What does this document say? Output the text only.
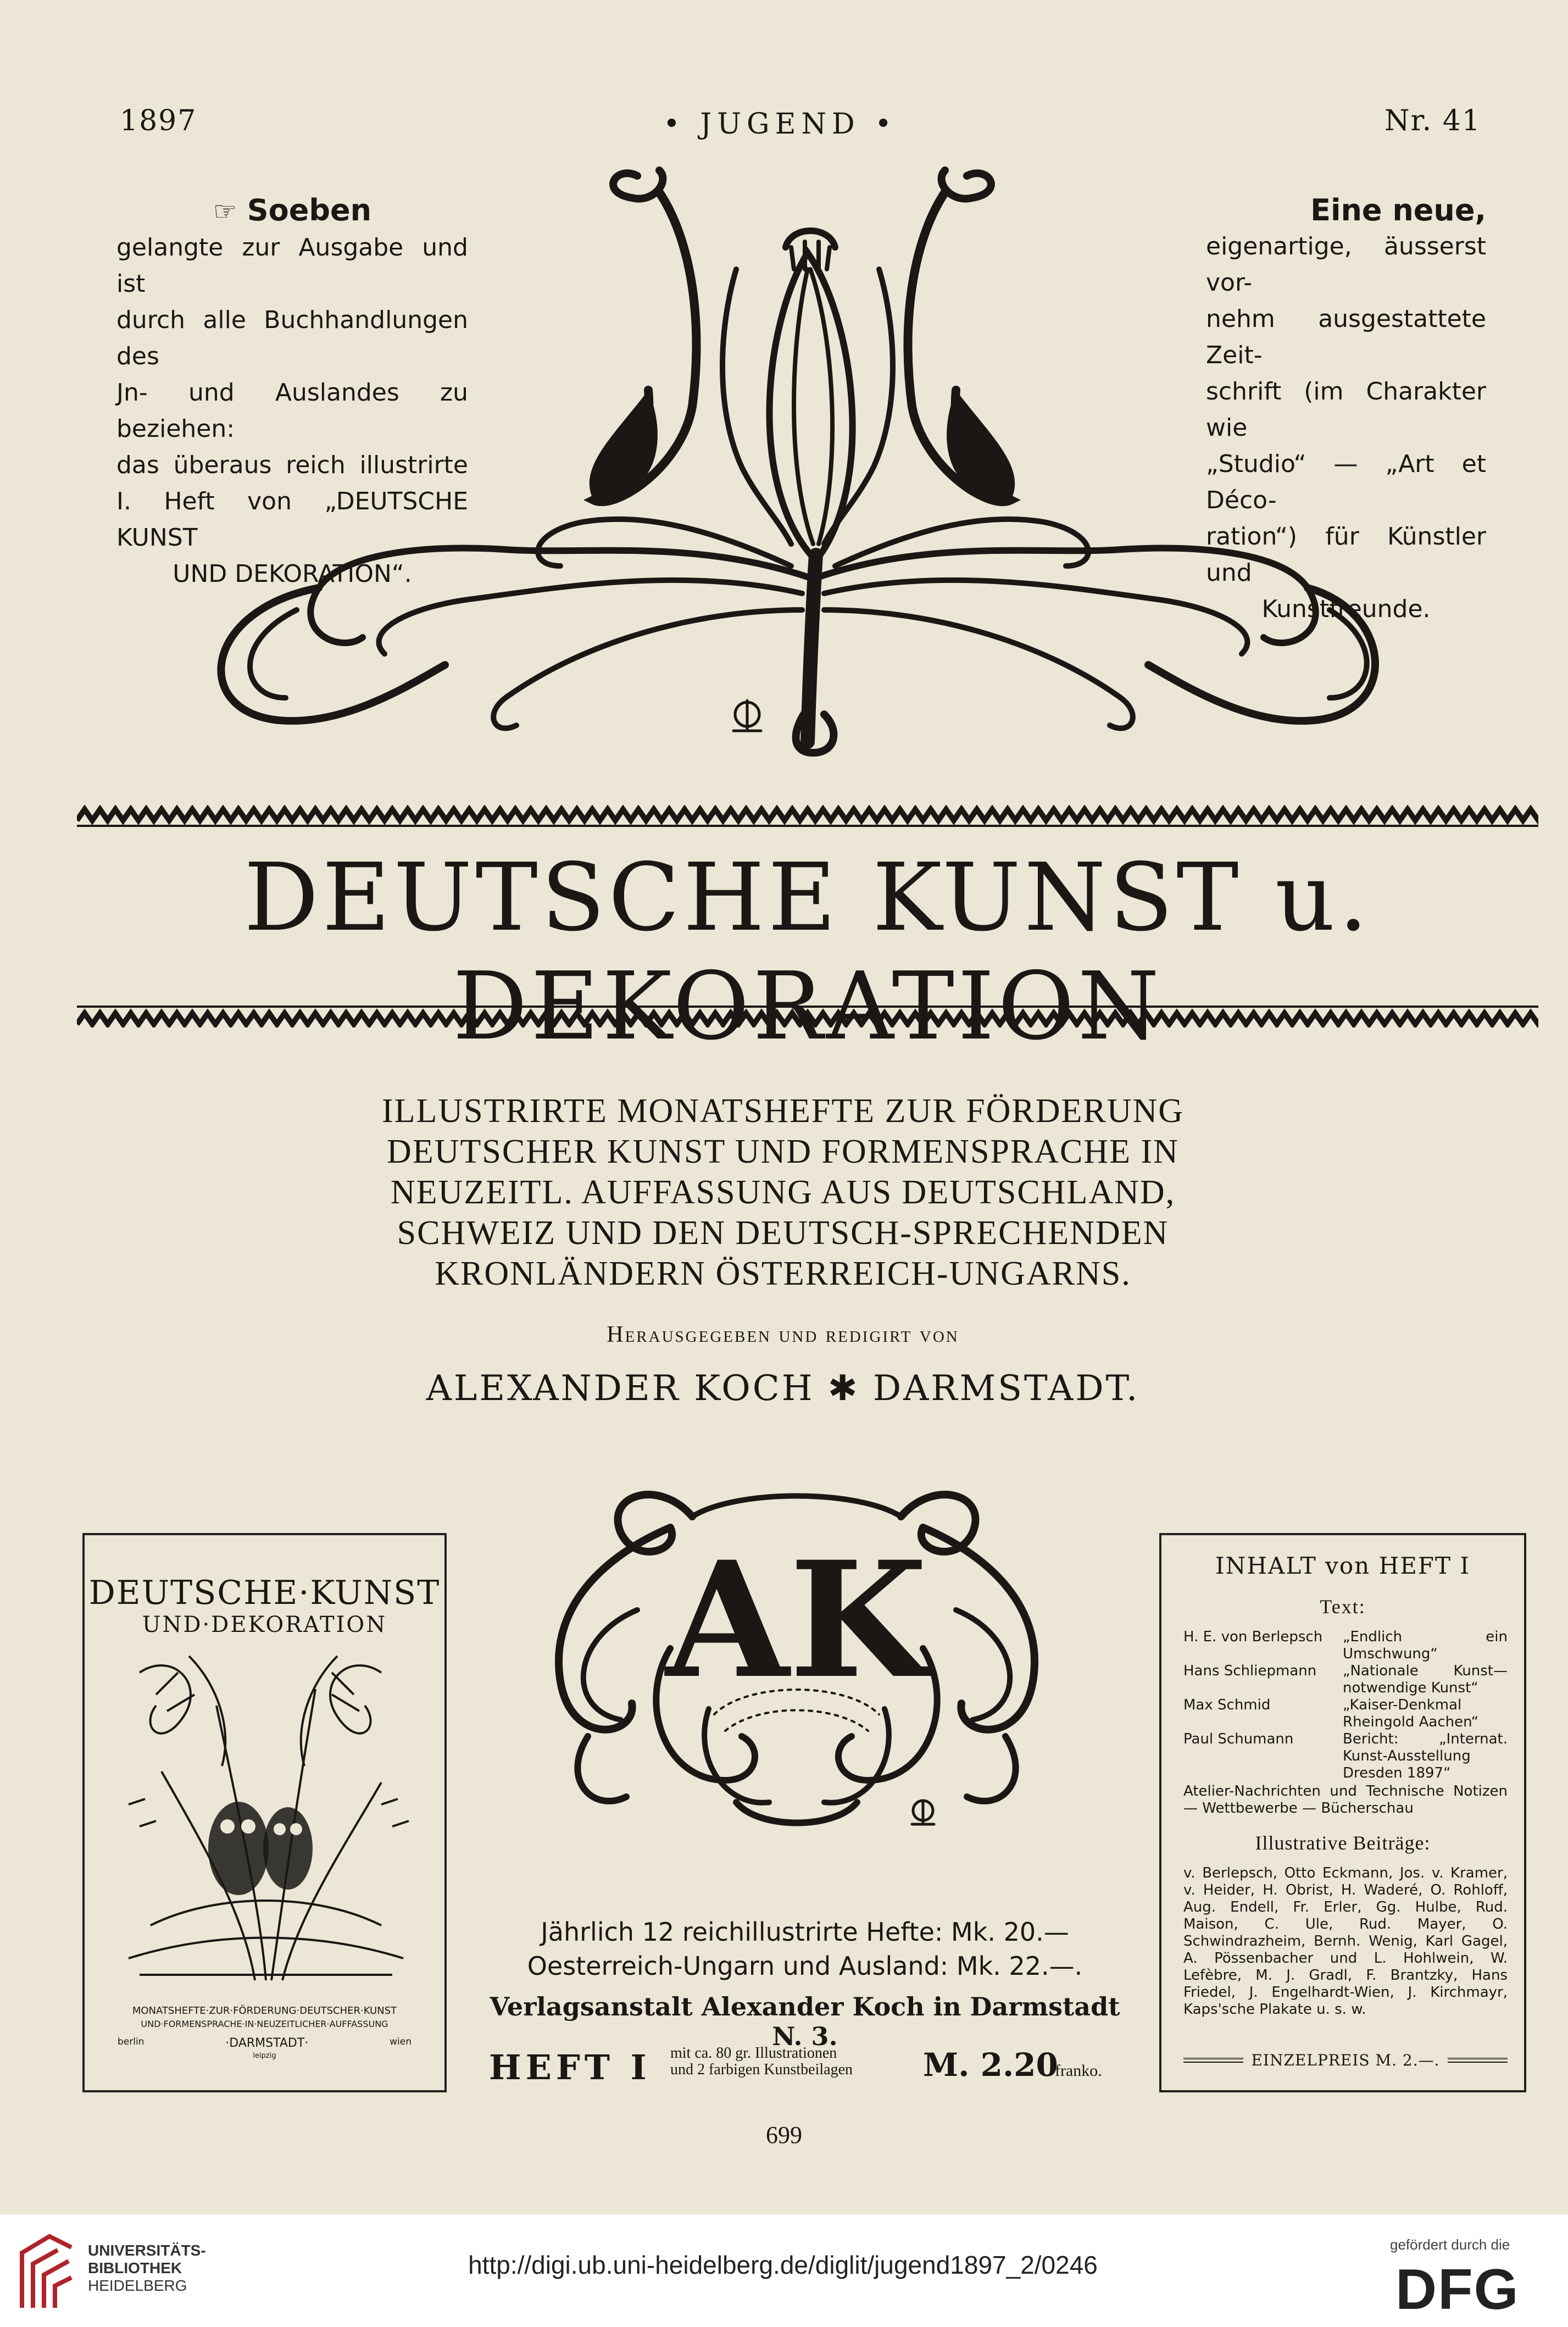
1897	• JUGEND •	Nr. 41
☞ Soeben
gelangte zur Ausgabe und ist
durch alle Buchhandlungen des
Jn- und Auslandes zu beziehen:
das überaus reich illustrirte
I. Heft von „DEUTSCHE KUNST
UND DEKORATION“.
Eine neue,
eigenartige, äusserst vor-
nehm ausgestattete Zeit-
schrift (im Charakter wie
„Studio“ — „Art et Déco-
ration“) für Künstler und
Kunstfreunde.
DEUTSCHE KUNST u. DEKORATION
ILLUSTRIRTE MONATSHEFTE ZUR FÖRDERUNG
DEUTSCHER KUNST UND FORMENSPRACHE IN
NEUZEITL. AUFFASSUNG AUS DEUTSCHLAND,
SCHWEIZ UND DEN DEUTSCH-SPRECHENDEN
KRONLÄNDERN ÖSTERREICH-UNGARNS.
Herausgegeben und redigirt von
ALEXANDER KOCH ✱ DARMSTADT.
DEUTSCHE·KUNST
UND·DEKORATION
MONATSHEFTE·ZUR·FÖRDERUNG·DEUTSCHER·KUNST
UND·FORMENSPRACHE·IN·NEUZEITLICHER·AUFFASSUNG
berlin	·DARMSTADT·	wien
leipzig
AK
Jährlich 12 reichillustrirte Hefte: Mk. 20.—
Oesterreich-Ungarn und Ausland: Mk. 22.—.
Verlagsanstalt Alexander Koch in Darmstadt N. 3.
HEFT I mit ca. 80 gr. Illustrationen
und 2 farbigen Kunstbeilagen M. 2.20
franko.
INHALT von HEFT I
Text:
H. E. von Berlepsch	„Endlich ein Umschwung“
Hans Schliepmann	„Nationale Kunst— notwendige Kunst“
Max Schmid	„Kaiser-Denkmal Rheingold Aachen“
Paul Schumann	Bericht: „Internat. Kunst-Ausstellung Dresden 1897“
Atelier-Nachrichten und Technische Notizen — Wettbewerbe — Bücherschau
Illustrative Beiträge:
v. Berlepsch, Otto Eckmann, Jos. v. Kramer, v. Heider, H. Obrist, H. Waderé, O. Rohloff, Aug. Endell, Fr. Erler, Gg. Hulbe, Rud. Maison, C. Ule, Rud. Mayer, O. Schwindrazheim, Bernh. Wenig, Karl Gagel, A. Pössenbacher und L. Hohlwein, W. Lefèbre, M. J. Gradl, F. Brantzky, Hans Friedel, J. Engelhardt-Wien, J. Kirchmayr, Kaps'sche Plakate u. s. w.
EINZELPREIS M. 2.—.
699
UNIVERSITÄTS-
BIBLIOTHEK
HEIDELBERG
http://digi.ub.uni-heidelberg.de/diglit/jugend1897_2/0246
gefördert durch die
DFG
